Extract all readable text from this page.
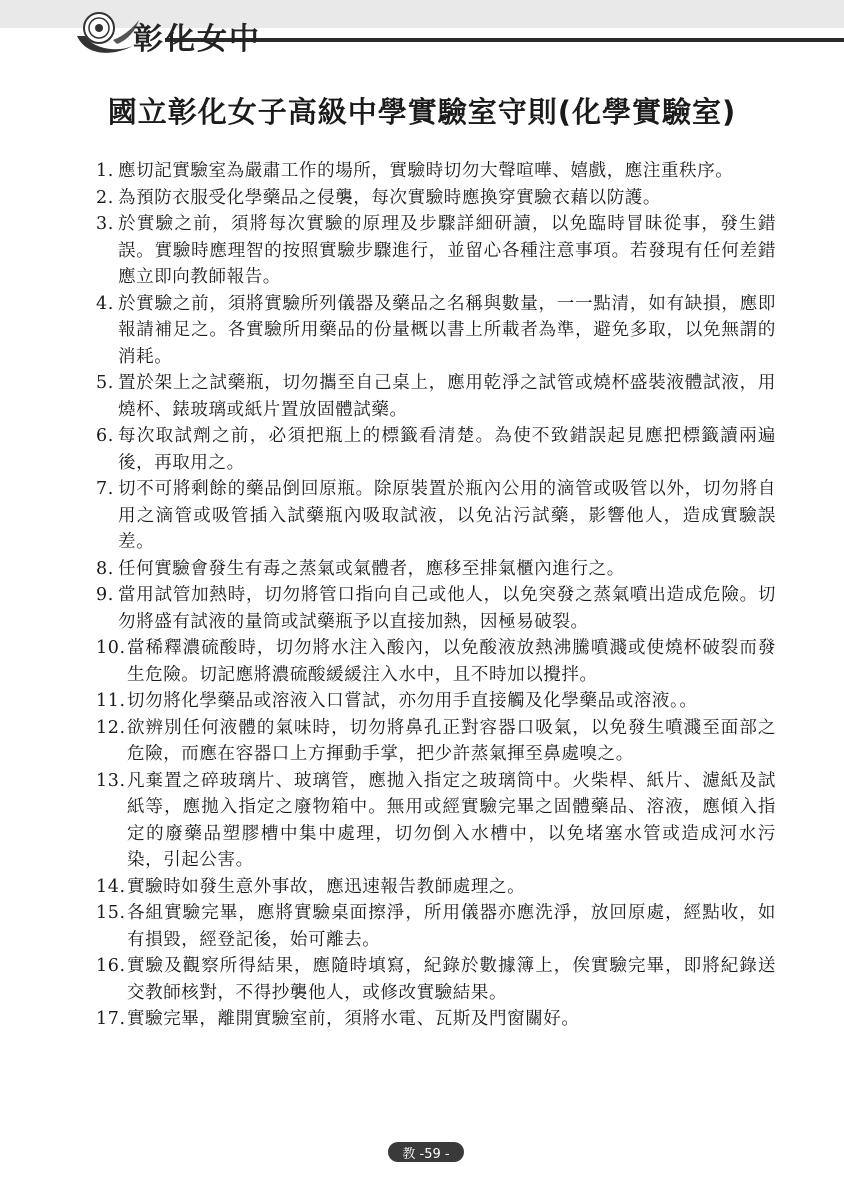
彰化女中
國立彰化女子高級中學實驗室守則(化學實驗室)
1. 應切記實驗室為嚴肅工作的場所，實驗時切勿大聲喧嘩、嬉戲，應注重秩序。
2. 為預防衣服受化學藥品之侵襲，每次實驗時應換穿實驗衣藉以防護。
3. 於實驗之前，須將每次實驗的原理及步驟詳細研讀，以免臨時冒昧從事，發生錯誤。實驗時應理智的按照實驗步驟進行，並留心各種注意事項。若發現有任何差錯應立即向教師報告。
4. 於實驗之前，須將實驗所列儀器及藥品之名稱與數量，一一點清，如有缺損，應即報請補足之。各實驗所用藥品的份量概以書上所載者為準，避免多取，以免無謂的消耗。
5. 置於架上之試藥瓶，切勿攜至自己桌上，應用乾淨之試管或燒杯盛裝液體試液，用燒杯、錶玻璃或紙片置放固體試藥。
6. 每次取試劑之前，必須把瓶上的標籤看清楚。為使不致錯誤起見應把標籤讀兩遍後，再取用之。
7. 切不可將剩餘的藥品倒回原瓶。除原裝置於瓶內公用的滴管或吸管以外，切勿將自用之滴管或吸管插入試藥瓶內吸取試液，以免沾污試藥，影響他人，造成實驗誤差。
8. 任何實驗會發生有毒之蒸氣或氣體者，應移至排氣櫃內進行之。
9. 當用試管加熱時，切勿將管口指向自己或他人，以免突發之蒸氣噴出造成危險。切勿將盛有試液的量筒或試藥瓶予以直接加熱，因極易破裂。
10. 當稀釋濃硫酸時，切勿將水注入酸內，以免酸液放熱沸騰噴濺或使燒杯破裂而發生危險。切記應將濃硫酸緩緩注入水中，且不時加以攪拌。
11. 切勿將化學藥品或溶液入口嘗試，亦勿用手直接觸及化學藥品或溶液。。
12. 欲辨別任何液體的氣味時，切勿將鼻孔正對容器口吸氣，以免發生噴濺至面部之危險，而應在容器口上方揮動手掌，把少許蒸氣揮至鼻處嗅之。
13. 凡棄置之碎玻璃片、玻璃管，應拋入指定之玻璃筒中。火柴桿、紙片、濾紙及試紙等，應拋入指定之廢物箱中。無用或經實驗完畢之固體藥品、溶液，應傾入指定的廢藥品塑膠槽中集中處理，切勿倒入水槽中，以免堵塞水管或造成河水污染，引起公害。
14. 實驗時如發生意外事故，應迅速報告教師處理之。
15. 各組實驗完畢，應將實驗桌面擦淨，所用儀器亦應洗淨，放回原處，經點收，如有損毀，經登記後，始可離去。
16. 實驗及觀察所得結果，應隨時填寫，紀錄於數據簿上，俟實驗完畢，即將紀錄送交教師核對，不得抄襲他人，或修改實驗結果。
17. 實驗完畢，離開實驗室前，須將水電、瓦斯及門窗關好。
教 -59 -
